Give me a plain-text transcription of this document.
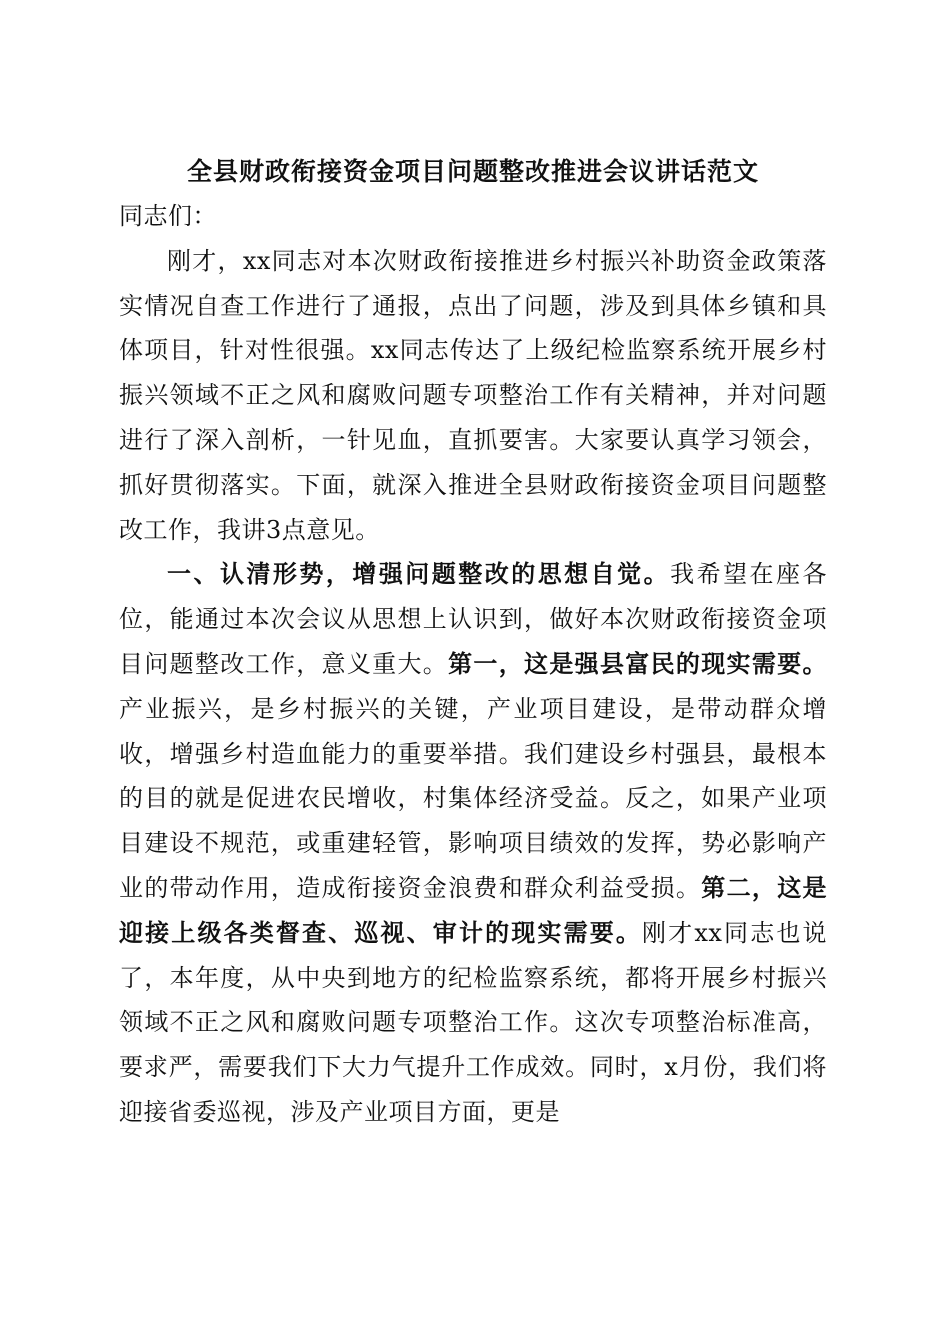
全县财政衔接资金项目问题整改推进会议讲话范文

同志们：

刚才，xx同志对本次财政衔接推进乡村振兴补助资金政策落实情况自查工作进行了通报，点出了问题，涉及到具体乡镇和具体项目，针对性很强。xx同志传达了上级纪检监察系统开展乡村振兴领域不正之风和腐败问题专项整治工作有关精神，并对问题进行了深入剖析，一针见血，直抓要害。大家要认真学习领会，抓好贯彻落实。下面，就深入推进全县财政衔接资金项目问题整改工作，我讲3点意见。

一、认清形势，增强问题整改的思想自觉。我希望在座各位，能通过本次会议从思想上认识到，做好本次财政衔接资金项目问题整改工作，意义重大。第一，这是强县富民的现实需要。产业振兴，是乡村振兴的关键，产业项目建设，是带动群众增收，增强乡村造血能力的重要举措。我们建设乡村强县，最根本的目的就是促进农民增收，村集体经济受益。反之，如果产业项目建设不规范，或重建轻管，影响项目绩效的发挥，势必影响产业的带动作用，造成衔接资金浪费和群众利益受损。第二，这是迎接上级各类督查、巡视、审计的现实需要。刚才xx同志也说了，本年度，从中央到地方的纪检监察系统，都将开展乡村振兴领域不正之风和腐败问题专项整治工作。这次专项整治标准高，要求严，需要我们下大力气提升工作成效。同时，x月份，我们将迎接省委巡视，涉及产业项目方面，更是
